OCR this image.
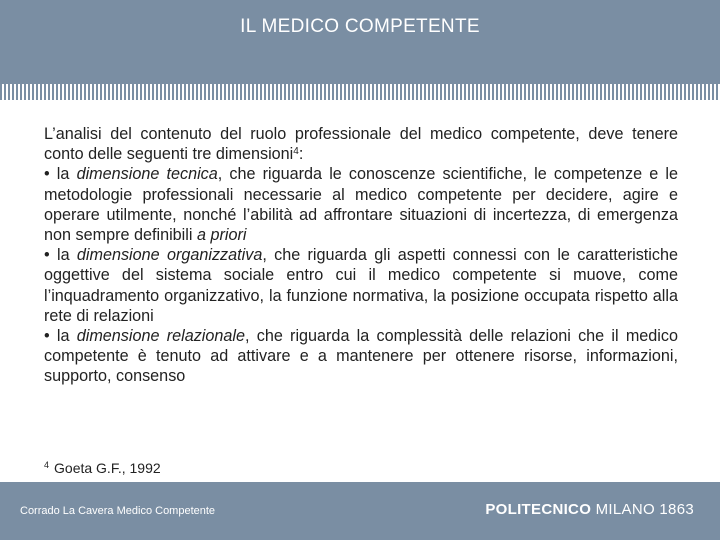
IL MEDICO COMPETENTE

L’analisi del contenuto del ruolo professionale del medico competente, deve tenere conto delle seguenti tre dimensioni$^4$:

• la dimensione tecnica, che riguarda le conoscenze scientifiche, le competenze e le metodologie professionali necessarie al medico competente per decidere, agire e operare utilmente, nonché l’abilità ad affrontare situazioni di incertezza, di emergenza non sempre definibili a priori

• la dimensione organizzativa, che riguarda gli aspetti connessi con le caratteristiche oggettive del sistema sociale entro cui il medico competente si muove, come l’inquadramento organizzativo, la funzione normativa, la posizione occupata rispetto alla rete di relazioni

• la dimensione relazionale, che riguarda la complessità delle relazioni che il medico competente è tenuto ad attivare e a mantenere per ottenere risorse, informazioni, supporto, consenso

$^4$ Goeta G.F., 1992
Corrado La Cavera Medico Competente	POLITECNICO MILANO 1863
